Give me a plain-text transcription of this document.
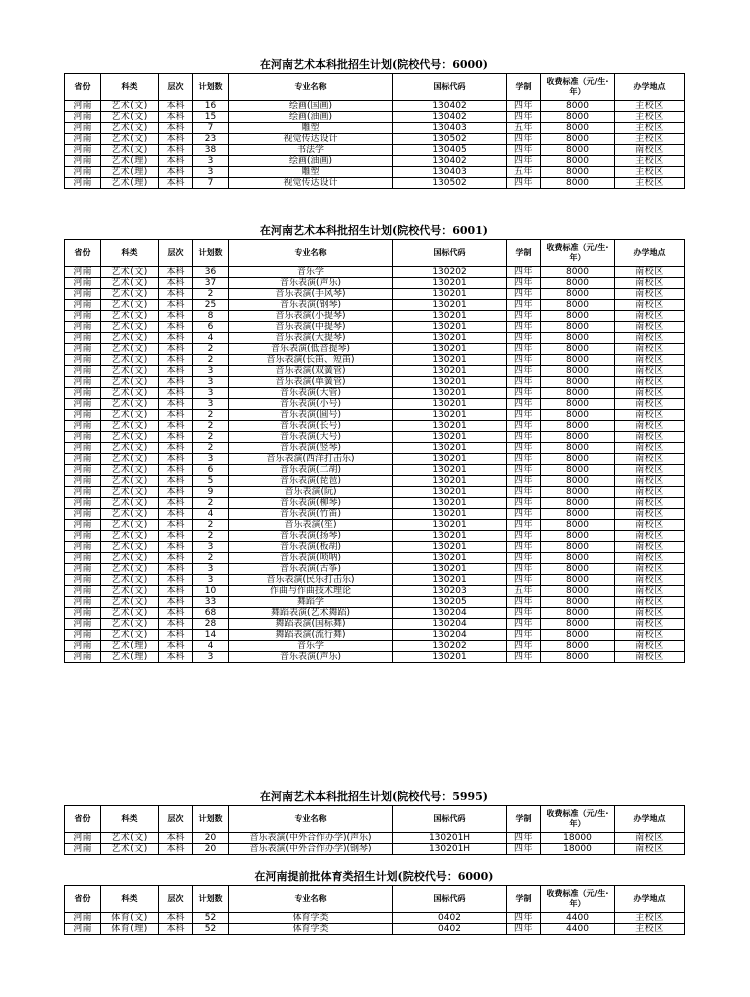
在河南艺术本科批招生计划(院校代号：6000)
省份	科类	层次	计划数	专业名称	国标代码	学制	收费标准（元/生·年）	办学地点
河南	艺术(文)	本科	16	绘画(国画)	130402	四年	8000	主校区
河南	艺术(文)	本科	15	绘画(油画)	130402	四年	8000	主校区
河南	艺术(文)	本科	7	雕塑	130403	五年	8000	主校区
河南	艺术(文)	本科	23	视觉传达设计	130502	四年	8000	主校区
河南	艺术(文)	本科	38	书法学	130405	四年	8000	南校区
河南	艺术(理)	本科	3	绘画(油画)	130402	四年	8000	主校区
河南	艺术(理)	本科	3	雕塑	130403	五年	8000	主校区
河南	艺术(理)	本科	7	视觉传达设计	130502	四年	8000	主校区
在河南艺术本科批招生计划(院校代号：6001)
省份	科类	层次	计划数	专业名称	国标代码	学制	收费标准（元/生·年）	办学地点
河南	艺术(文)	本科	36	音乐学	130202	四年	8000	南校区
河南	艺术(文)	本科	37	音乐表演(声乐)	130201	四年	8000	南校区
河南	艺术(文)	本科	2	音乐表演(手风琴)	130201	四年	8000	南校区
河南	艺术(文)	本科	25	音乐表演(钢琴)	130201	四年	8000	南校区
河南	艺术(文)	本科	8	音乐表演(小提琴)	130201	四年	8000	南校区
河南	艺术(文)	本科	6	音乐表演(中提琴)	130201	四年	8000	南校区
河南	艺术(文)	本科	4	音乐表演(大提琴)	130201	四年	8000	南校区
河南	艺术(文)	本科	2	音乐表演(低音提琴)	130201	四年	8000	南校区
河南	艺术(文)	本科	2	音乐表演(长笛、短笛)	130201	四年	8000	南校区
河南	艺术(文)	本科	3	音乐表演(双簧管)	130201	四年	8000	南校区
河南	艺术(文)	本科	3	音乐表演(单簧管)	130201	四年	8000	南校区
河南	艺术(文)	本科	3	音乐表演(大管)	130201	四年	8000	南校区
河南	艺术(文)	本科	3	音乐表演(小号)	130201	四年	8000	南校区
河南	艺术(文)	本科	2	音乐表演(圆号)	130201	四年	8000	南校区
河南	艺术(文)	本科	2	音乐表演(长号)	130201	四年	8000	南校区
河南	艺术(文)	本科	2	音乐表演(大号)	130201	四年	8000	南校区
河南	艺术(文)	本科	2	音乐表演(竖琴)	130201	四年	8000	南校区
河南	艺术(文)	本科	3	音乐表演(西洋打击乐)	130201	四年	8000	南校区
河南	艺术(文)	本科	6	音乐表演(二胡)	130201	四年	8000	南校区
河南	艺术(文)	本科	5	音乐表演(琵琶)	130201	四年	8000	南校区
河南	艺术(文)	本科	9	音乐表演(阮)	130201	四年	8000	南校区
河南	艺术(文)	本科	2	音乐表演(柳琴)	130201	四年	8000	南校区
河南	艺术(文)	本科	4	音乐表演(竹笛)	130201	四年	8000	南校区
河南	艺术(文)	本科	2	音乐表演(笙)	130201	四年	8000	南校区
河南	艺术(文)	本科	2	音乐表演(扬琴)	130201	四年	8000	南校区
河南	艺术(文)	本科	3	音乐表演(板胡)	130201	四年	8000	南校区
河南	艺术(文)	本科	2	音乐表演(唢呐)	130201	四年	8000	南校区
河南	艺术(文)	本科	3	音乐表演(古筝)	130201	四年	8000	南校区
河南	艺术(文)	本科	3	音乐表演(民乐打击乐)	130201	四年	8000	南校区
河南	艺术(文)	本科	10	作曲与作曲技术理论	130203	五年	8000	南校区
河南	艺术(文)	本科	33	舞蹈学	130205	四年	8000	南校区
河南	艺术(文)	本科	68	舞蹈表演(艺术舞蹈)	130204	四年	8000	南校区
河南	艺术(文)	本科	28	舞蹈表演(国标舞)	130204	四年	8000	南校区
河南	艺术(文)	本科	14	舞蹈表演(流行舞)	130204	四年	8000	南校区
河南	艺术(理)	本科	4	音乐学	130202	四年	8000	南校区
河南	艺术(理)	本科	3	音乐表演(声乐)	130201	四年	8000	南校区
在河南艺术本科批招生计划(院校代号：5995)
省份	科类	层次	计划数	专业名称	国标代码	学制	收费标准（元/生·年）	办学地点
河南	艺术(文)	本科	20	音乐表演(中外合作办学)(声乐)	130201H	四年	18000	南校区
河南	艺术(文)	本科	20	音乐表演(中外合作办学)(钢琴)	130201H	四年	18000	南校区
在河南提前批体育类招生计划(院校代号：6000)
省份	科类	层次	计划数	专业名称	国标代码	学制	收费标准（元/生·年）	办学地点
河南	体育(文)	本科	52	体育学类	0402	四年	4400	主校区
河南	体育(理)	本科	52	体育学类	0402	四年	4400	主校区
